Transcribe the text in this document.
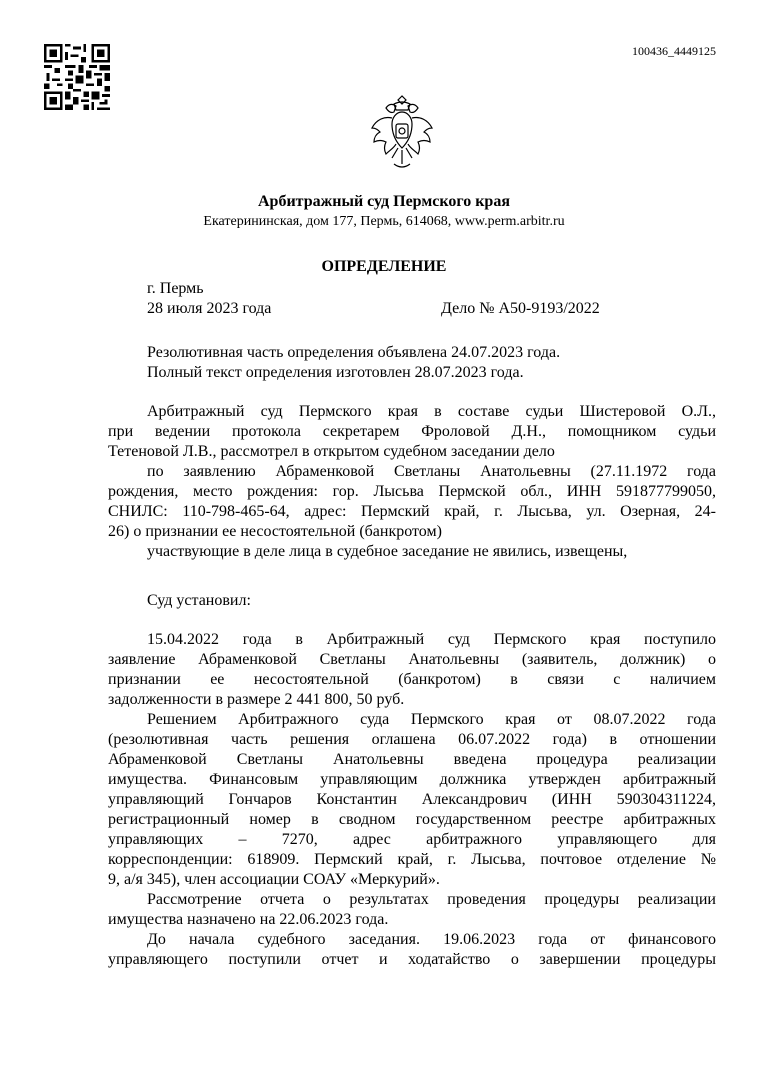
100436_4449125
Арбитражный суд Пермского края
Екатерининская, дом 177, Пермь, 614068, www.perm.arbitr.ru
ОПРЕДЕЛЕНИЕ
г. Пермь
28 июля 2023 года	Дело № А50-9193/2022
Резолютивная часть определения объявлена 24.07.2023 года.
Полный текст определения изготовлен 28.07.2023 года.
Арбитражный суд Пермского края в составе судьи Шистеровой О.Л.,
при ведении протокола секретарем Фроловой Д.Н., помощником судьи
Тетеновой Л.В., рассмотрел в открытом судебном заседании дело
по заявлению Абраменковой Светланы Анатольевны (27.11.1972 года
рождения, место рождения: гор. Лысьва Пермской обл., ИНН 591877799050,
СНИЛС: 110-798-465-64, адрес: Пермский край, г. Лысьва, ул. Озерная, 24-
26) о признании ее несостоятельной (банкротом)
участвующие в деле лица в судебное заседание не явились, извещены,
Суд установил:
15.04.2022 года в Арбитражный суд Пермского края поступило
заявление Абраменковой Светланы Анатольевны (заявитель, должник) о
признании ее несостоятельной (банкротом) в связи с наличием
задолженности в размере 2 441 800, 50 руб.
Решением Арбитражного суда Пермского края от 08.07.2022 года
(резолютивная часть решения оглашена 06.07.2022 года) в отношении
Абраменковой Светланы Анатольевны введена процедура реализации
имущества. Финансовым управляющим должника утвержден арбитражный
управляющий Гончаров Константин Александрович (ИНН 590304311224,
регистрационный номер в сводном государственном реестре арбитражных
управляющих – 7270, адрес арбитражного управляющего для
корреспонденции: 618909. Пермский край, г. Лысьва, почтовое отделение №
9, а/я 345), член ассоциации СОАУ «Меркурий».
Рассмотрение отчета о результатах проведения процедуры реализации
имущества назначено на 22.06.2023 года.
До начала судебного заседания. 19.06.2023 года от финансового
управляющего поступили отчет и ходатайство о завершении процедуры
